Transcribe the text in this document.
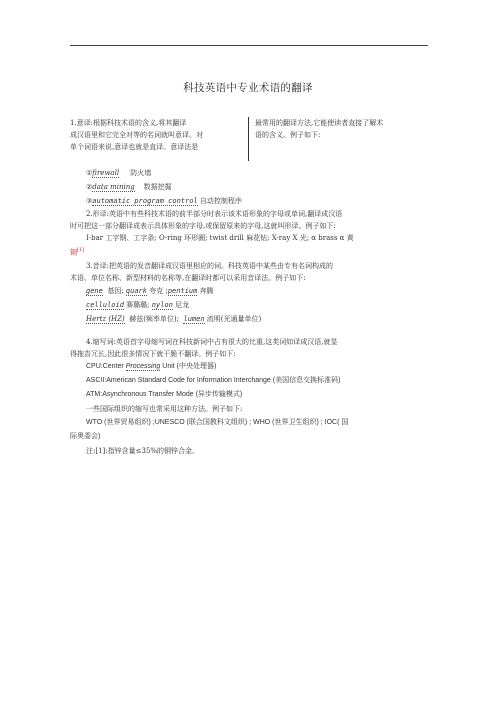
科技英语中专业术语的翻译
1.意译:根据科技术语的含义,将其翻译
成汉语里和它完全对等的名词就叫意译。对
单个词语来说,意译也就是直译。意译法是
最常用的翻译方法,它能使读者直接了解术
语的含义。例子如下:
①firewall 防火墙
②data mining 数据挖掘
③automatic program control 自动控制程序
2.形译:英语中有些科技术语的前半部分时表示该术语形象的字母或单词,翻译成汉语
时可把这一部分翻译成表示具体形象的字母,或保留原来的字母,这就叫形译。例子如下:
I-bar 工字钢、工字条; O-ring 环形圈; twist drill 麻花钻; X-ray X 光; α brass α 黄
铜[1]
3.音译:把英语的发音翻译成汉语里相应的词。科技英语中某些由专有名词构成的
术语、单位名称、新型材料的名称等,在翻译时都可以采用音译法。例子如下:
gene 基因; quark 夸克 ;pentium 奔腾
celluloid 赛璐璐; nylon 尼龙
Hertz (HZ) 赫兹(频率单位); lumen 流明(光通量单位)
4.缩写词:英语首字母缩写词在科技新词中占有很大的比重,这类词如译成汉语,就显
得拖沓冗长,因此很多情况下就干脆不翻译。例子如下:
CPU:Center Processing Unit (中央处理器)
ASCII:American Standard Code for Information Interchange (美国信息交换标准码)
ATM:Asynchronous Transfer Mode (异步传输模式)
一些国际组织的缩写也常采用这种方法。例子如下:
WTO (世界贸易组织) ;UNESCO (联合国教科文组织) ; WHO (世界卫生组织) ; IOC( 国
际奥委会)
注:[1]:指锌含量≤35%的铜锌合金。
